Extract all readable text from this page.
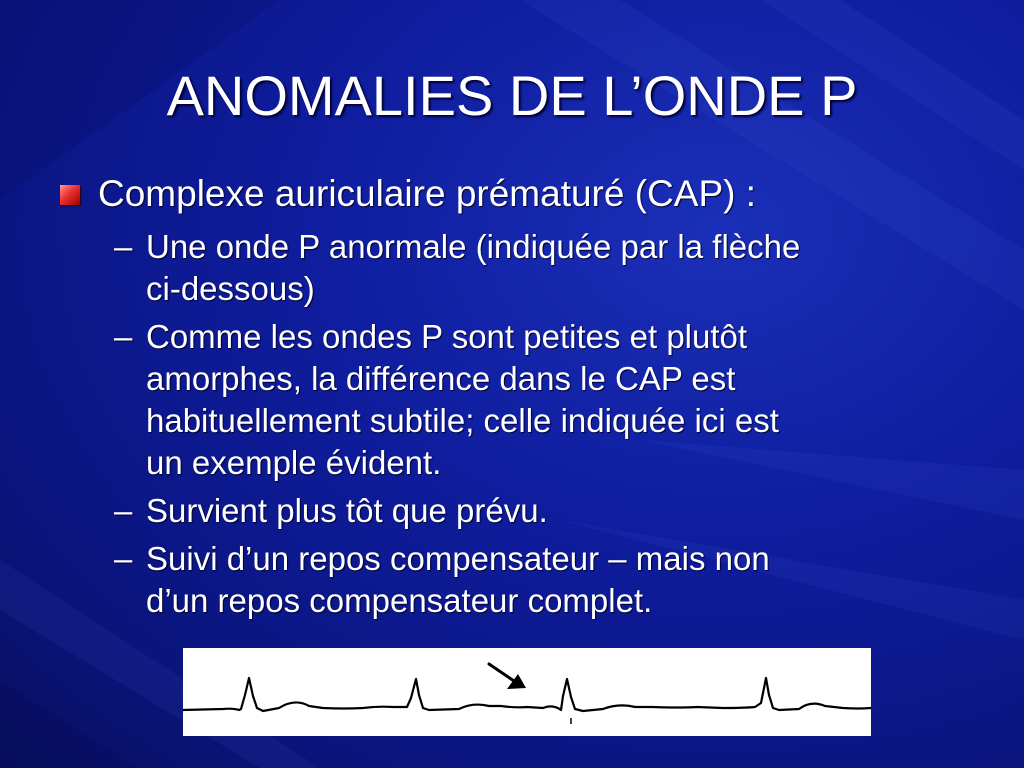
ANOMALIES DE L’ONDE P
Complexe auriculaire prématuré (CAP) :
– Une onde P anormale (indiquée par la flèche
ci-dessous)
– Comme les ondes P sont petites et plutôt
amorphes, la différence dans le CAP est
habituellement subtile; celle indiquée ici est
un exemple évident.
– Survient plus tôt que prévu.
– Suivi d’un repos compensateur – mais non
d’un repos compensateur complet.
